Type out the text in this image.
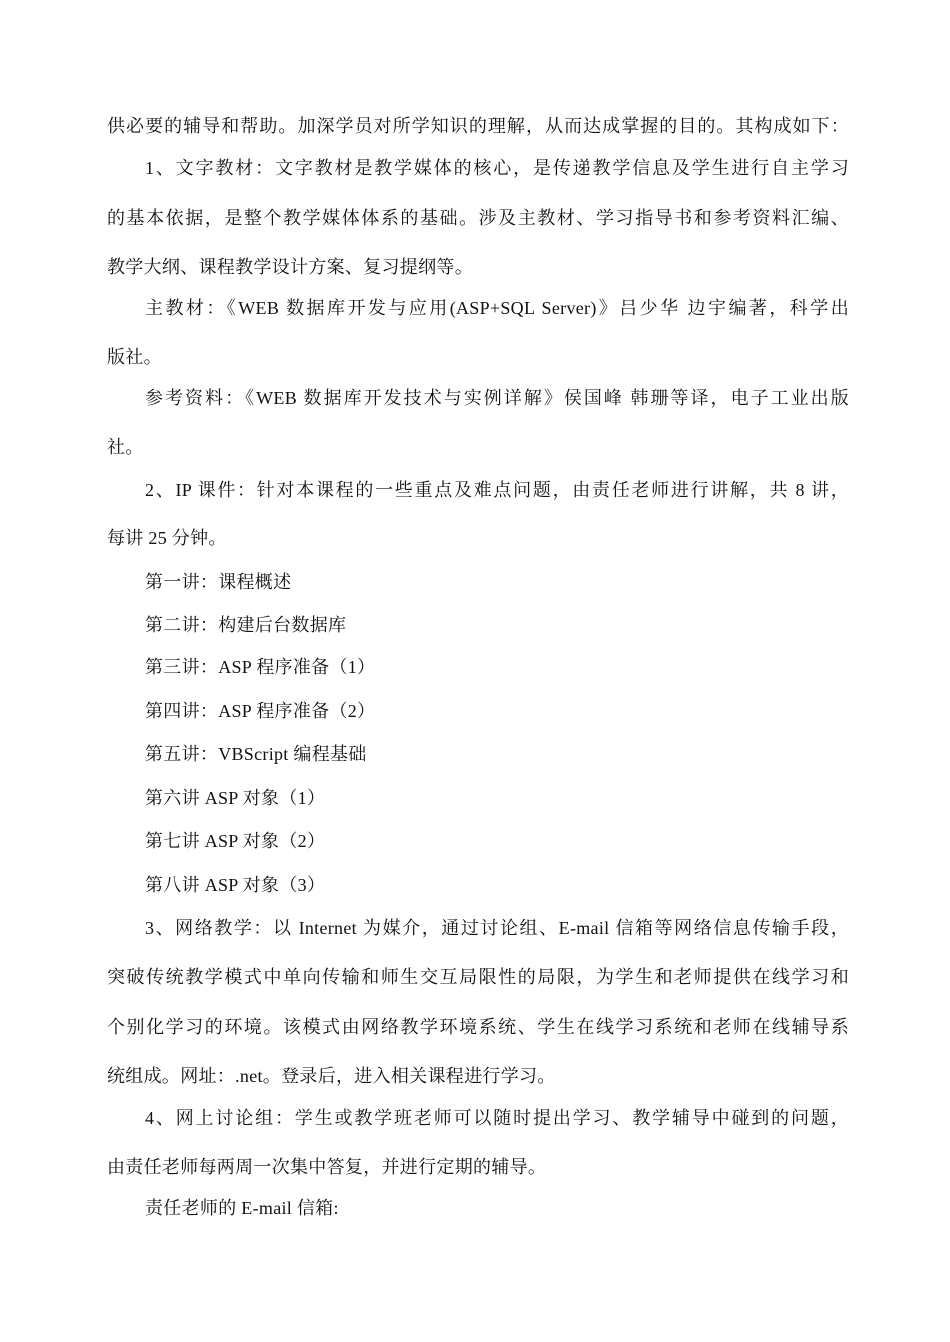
供必要的辅导和帮助。加深学员对所学知识的理解，从而达成掌握的目的。其构成如下：
1、文字教材：文字教材是教学媒体的核心，是传递教学信息及学生进行自主学习
的基本依据，是整个教学媒体体系的基础。涉及主教材、学习指导书和参考资料汇编、
教学大纲、课程教学设计方案、复习提纲等。
主教材：《WEB 数据库开发与应用(ASP+SQL Server)》吕少华 边宇编著，科学出
版社。
参考资料：《WEB 数据库开发技术与实例详解》侯国峰 韩珊等译，电子工业出版
社。
2、IP 课件：针对本课程的一些重点及难点问题，由责任老师进行讲解，共 8 讲，
每讲 25 分钟。
第一讲：课程概述
第二讲：构建后台数据库
第三讲：ASP 程序准备（1）
第四讲：ASP 程序准备（2）
第五讲：VBScript 编程基础
第六讲 ASP 对象（1）
第七讲 ASP 对象（2）
第八讲 ASP 对象（3）
3、网络教学：以 Internet 为媒介，通过讨论组、E-mail 信箱等网络信息传输手段，
突破传统教学模式中单向传输和师生交互局限性的局限，为学生和老师提供在线学习和
个别化学习的环境。该模式由网络教学环境系统、学生在线学习系统和老师在线辅导系
统组成。网址：.net。登录后，进入相关课程进行学习。
4、网上讨论组：学生或教学班老师可以随时提出学习、教学辅导中碰到的问题，
由责任老师每两周一次集中答复，并进行定期的辅导。
责任老师的 E-mail 信箱:
